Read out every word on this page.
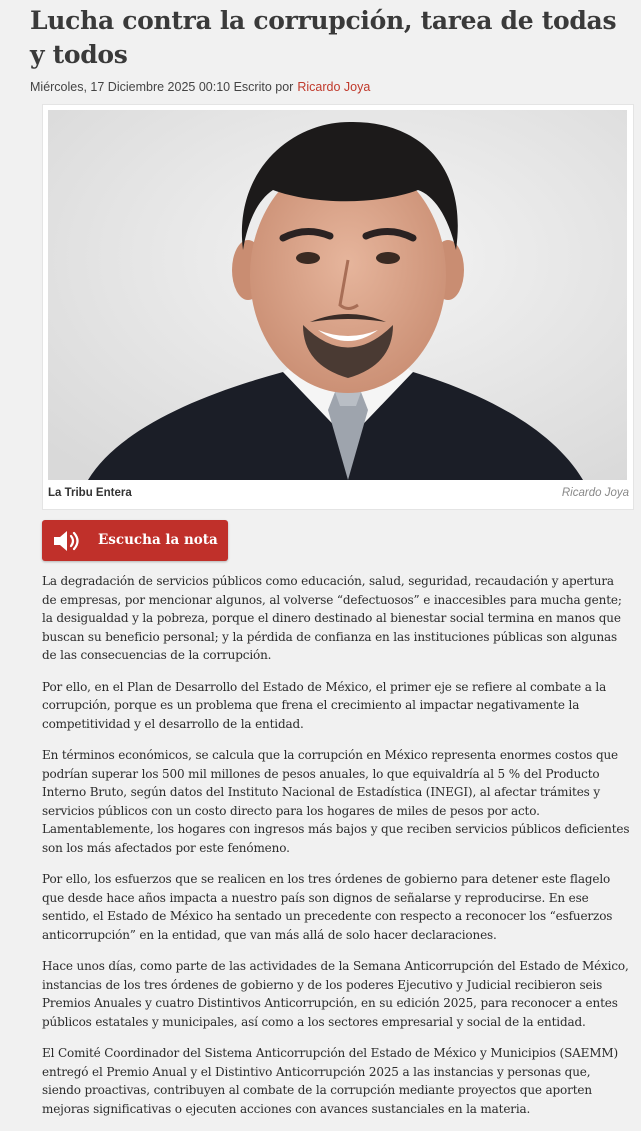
Lucha contra la corrupción, tarea de todas y todos
Miércoles, 17 Diciembre 2025 00:10 Escrito por Ricardo Joya
La Tribu Entera	Ricardo Joya
Escucha la nota

La degradación de servicios públicos como educación, salud, seguridad, recaudación y apertura de empresas, por mencionar algunos, al volverse “defectuosos” e inaccesibles para mucha gente; la desigualdad y la pobreza, porque el dinero destinado al bienestar social termina en manos que buscan su beneficio personal; y la pérdida de confianza en las instituciones públicas son algunas de las consecuencias de la corrupción.

Por ello, en el Plan de Desarrollo del Estado de México, el primer eje se refiere al combate a la corrupción, porque es un problema que frena el crecimiento al impactar negativamente la competitividad y el desarrollo de la entidad.

En términos económicos, se calcula que la corrupción en México representa enormes costos que podrían superar los 500 mil millones de pesos anuales, lo que equivaldría al 5 % del Producto Interno Bruto, según datos del Instituto Nacional de Estadística (INEGI), al afectar trámites y servicios públicos con un costo directo para los hogares de miles de pesos por acto. Lamentablemente, los hogares con ingresos más bajos y que reciben servicios públicos deficientes son los más afectados por este fenómeno.

Por ello, los esfuerzos que se realicen en los tres órdenes de gobierno para detener este flagelo que desde hace años impacta a nuestro país son dignos de señalarse y reproducirse. En ese sentido, el Estado de México ha sentado un precedente con respecto a reconocer los “esfuerzos anticorrupción” en la entidad, que van más allá de solo hacer declaraciones.

Hace unos días, como parte de las actividades de la Semana Anticorrupción del Estado de México, instancias de los tres órdenes de gobierno y de los poderes Ejecutivo y Judicial recibieron seis Premios Anuales y cuatro Distintivos Anticorrupción, en su edición 2025, para reconocer a entes públicos estatales y municipales, así como a los sectores empresarial y social de la entidad.

El Comité Coordinador del Sistema Anticorrupción del Estado de México y Municipios (SAEMM) entregó el Premio Anual y el Distintivo Anticorrupción 2025 a las instancias y personas que, siendo proactivas, contribuyen al combate de la corrupción mediante proyectos que aporten mejoras significativas o ejecuten acciones con avances sustanciales en la materia.
